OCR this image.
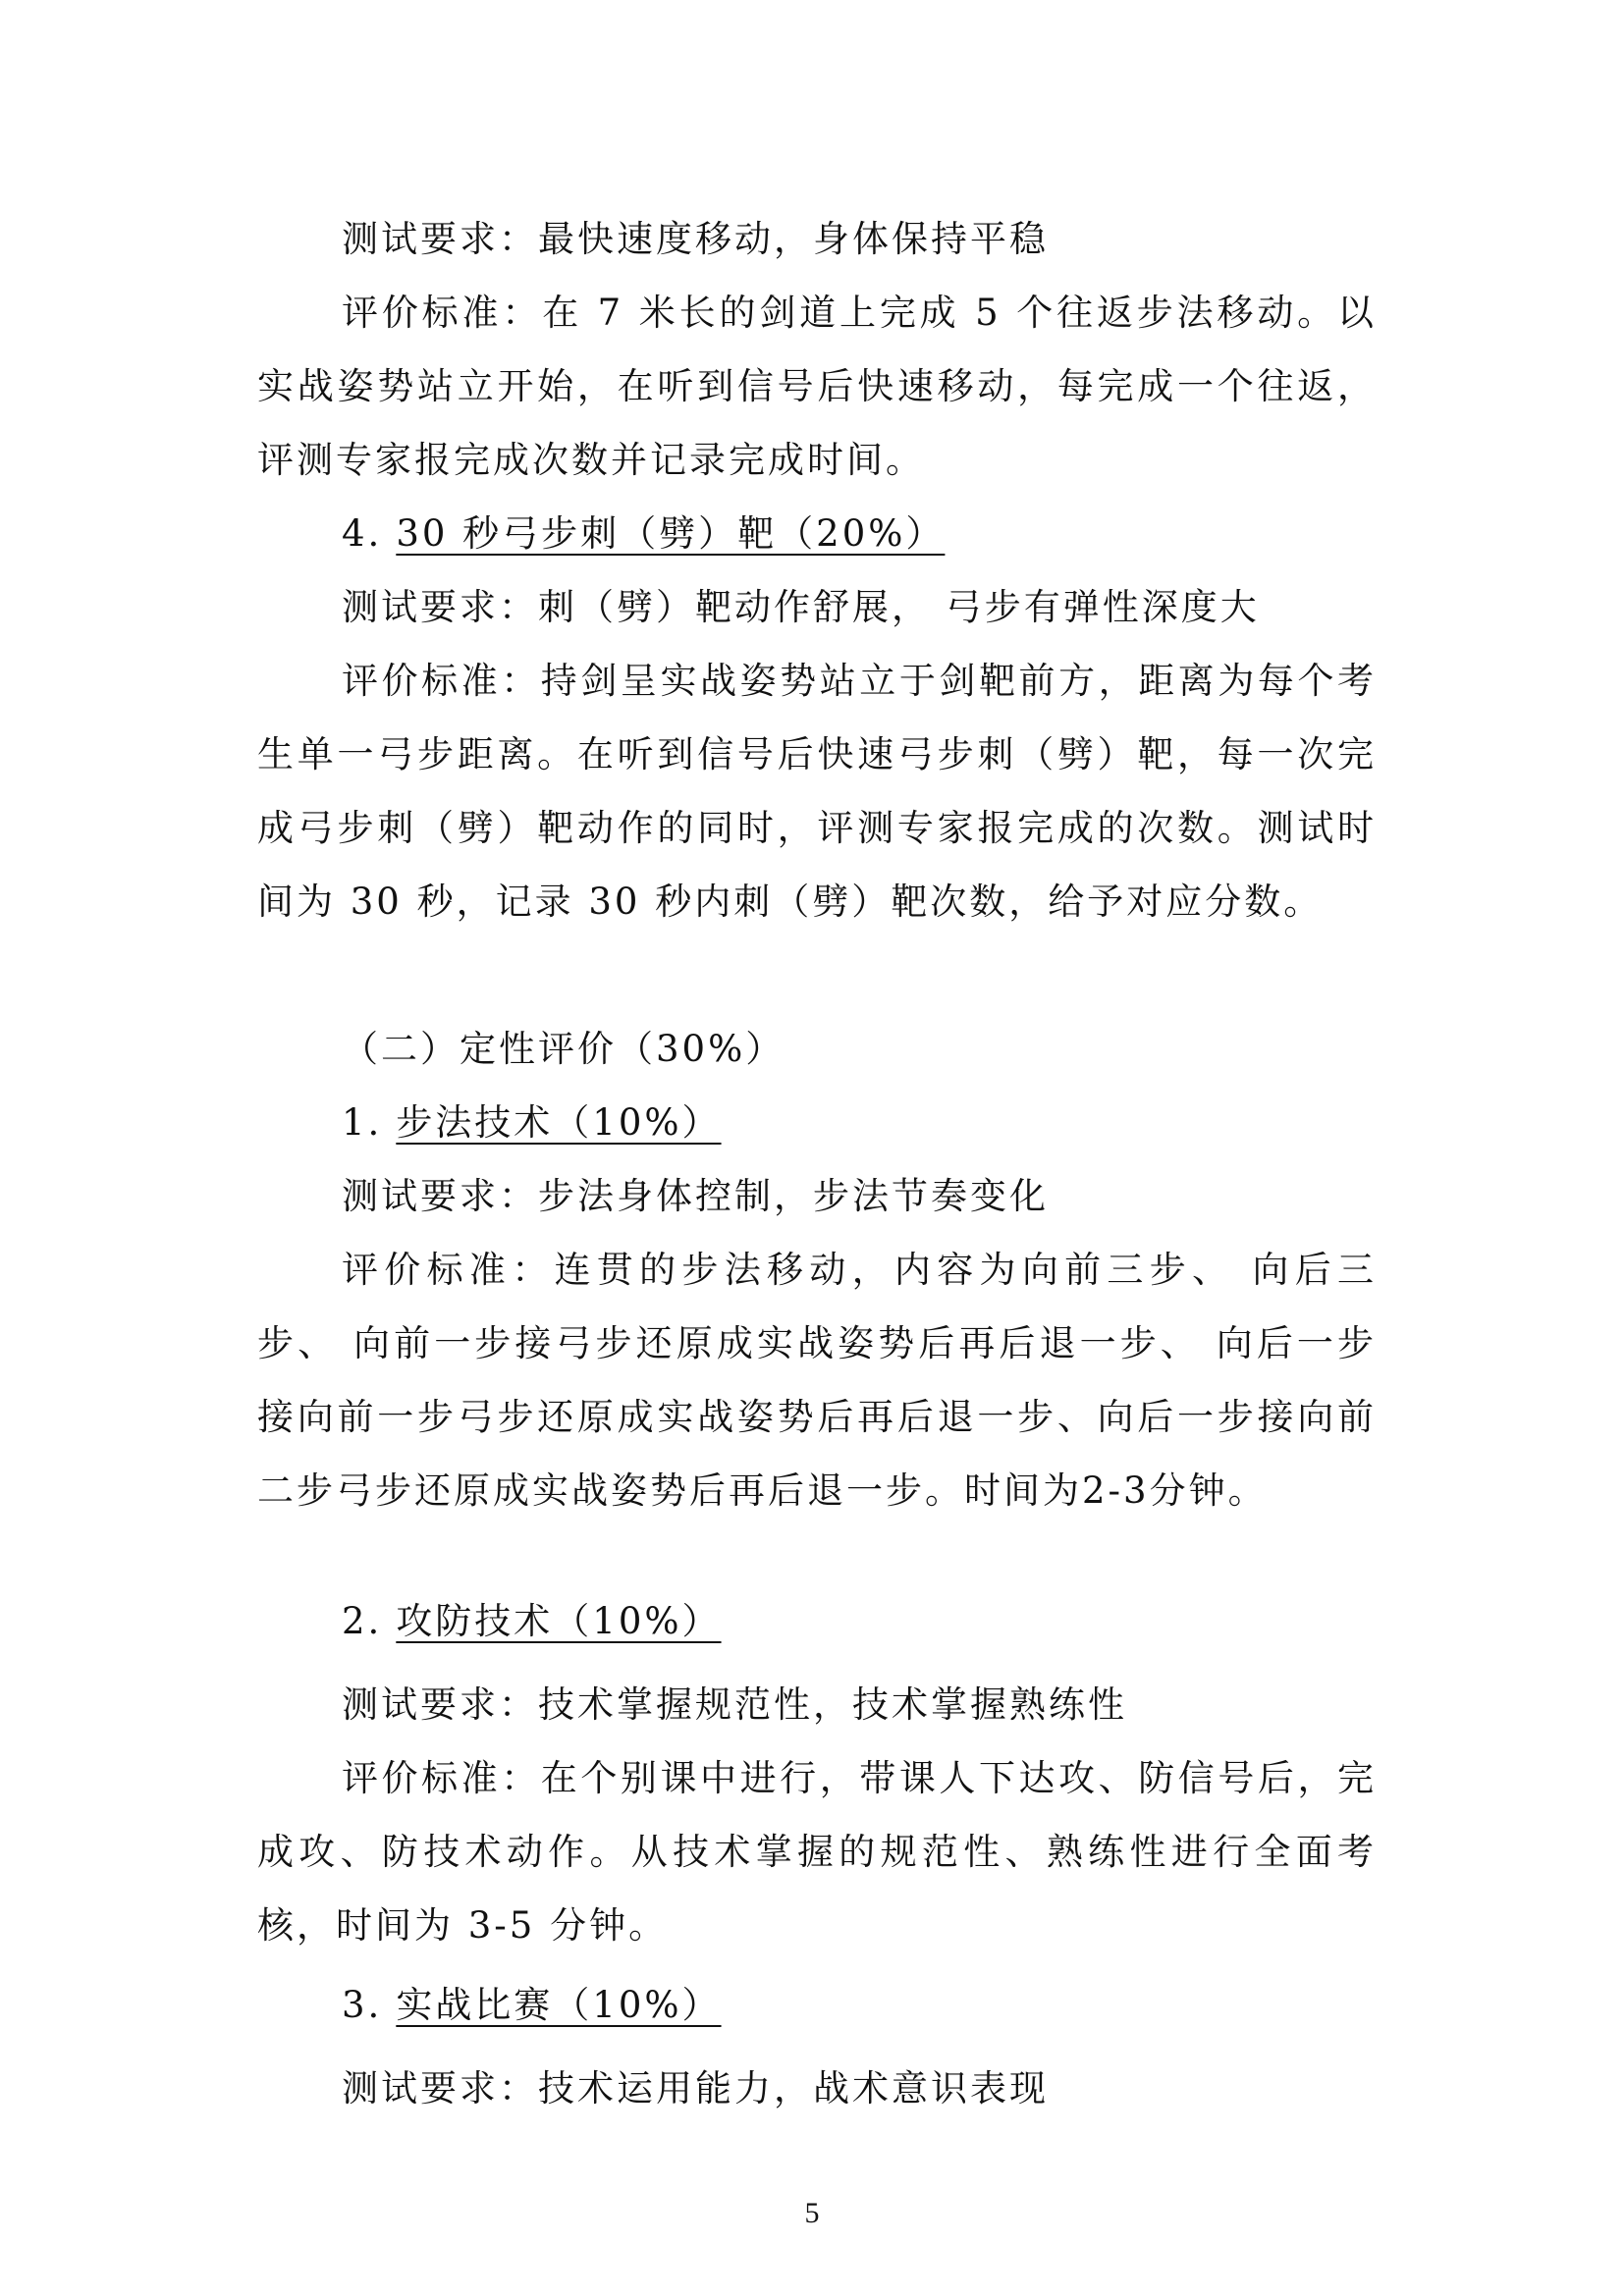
测试要求：最快速度移动，身体保持平稳

评价标准：在 7 米长的剑道上完成 5 个往返步法移动。以实战姿势站立开始，在听到信号后快速移动，每完成一个往返，评测专家报完成次数并记录完成时间。

4. 30 秒弓步刺（劈）靶（20%）

测试要求：刺（劈）靶动作舒展， 弓步有弹性深度大

评价标准：持剑呈实战姿势站立于剑靶前方，距离为每个考生单一弓步距离。在听到信号后快速弓步刺（劈）靶，每一次完成弓步刺（劈）靶动作的同时，评测专家报完成的次数。测试时间为 30 秒，记录 30 秒内刺（劈）靶次数，给予对应分数。

（二）定性评价（30%）

1. 步法技术（10%）

测试要求：步法身体控制，步法节奏变化

评价标准：连贯的步法移动，内容为向前三步、 向后三步、 向前一步接弓步还原成实战姿势后再后退一步、 向后一步接向前一步弓步还原成实战姿势后再后退一步、向后一步接向前二步弓步还原成实战姿势后再后退一步。时间为2-3分钟。

2. 攻防技术（10%）

测试要求：技术掌握规范性，技术掌握熟练性

评价标准：在个别课中进行，带课人下达攻、防信号后，完成攻、防技术动作。从技术掌握的规范性、熟练性进行全面考核，时间为 3-5 分钟。

3. 实战比赛（10%）

测试要求：技术运用能力，战术意识表现

5
